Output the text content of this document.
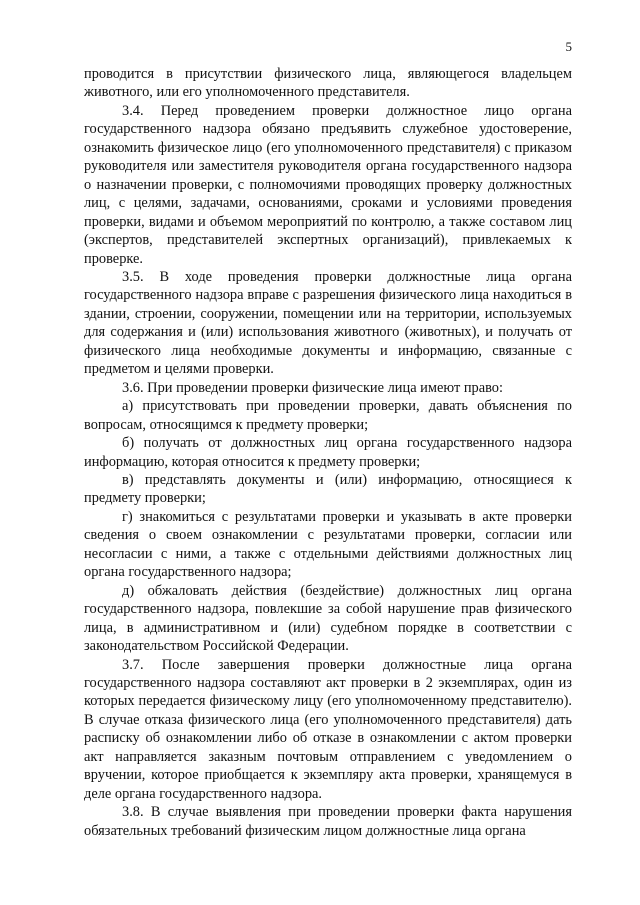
5

проводится в присутствии физического лица, являющегося владельцем животного, или его уполномоченного представителя.

3.4. Перед проведением проверки должностное лицо органа государственного надзора обязано предъявить служебное удостоверение, ознакомить физическое лицо (его уполномоченного представителя) с приказом руководителя или заместителя руководителя органа государственного надзора о назначении проверки, с полномочиями проводящих проверку должностных лиц, с целями, задачами, основаниями, сроками и условиями проведения проверки, видами и объемом мероприятий по контролю, а также составом лиц (экспертов, представителей экспертных организаций), привлекаемых к проверке.

3.5. В ходе проведения проверки должностные лица органа государственного надзора вправе с разрешения физического лица находиться в здании, строении, сооружении, помещении или на территории, используемых для содержания и (или) использования животного (животных), и получать от физического лица необходимые документы и информацию, связанные с предметом и целями проверки.

3.6. При проведении проверки физические лица имеют право:

а) присутствовать при проведении проверки, давать объяснения по вопросам, относящимся к предмету проверки;

б) получать от должностных лиц органа государственного надзора информацию, которая относится к предмету проверки;

в) представлять документы и (или) информацию, относящиеся к предмету проверки;

г) знакомиться с результатами проверки и указывать в акте проверки сведения о своем ознакомлении с результатами проверки, согласии или несогласии с ними, а также с отдельными действиями должностных лиц органа государственного надзора;

д) обжаловать действия (бездействие) должностных лиц органа государственного надзора, повлекшие за собой нарушение прав физического лица, в административном и (или) судебном порядке в соответствии с законодательством Российской Федерации.

3.7. После завершения проверки должностные лица органа государственного надзора составляют акт проверки в 2 экземплярах, один из которых передается физическому лицу (его уполномоченному представителю). В случае отказа физического лица (его уполномоченного представителя) дать расписку об ознакомлении либо об отказе в ознакомлении с актом проверки акт направляется заказным почтовым отправлением с уведомлением о вручении, которое приобщается к экземпляру акта проверки, хранящемуся в деле органа государственного надзора.

3.8. В случае выявления при проведении проверки факта нарушения обязательных требований физическим лицом должностные лица органа
